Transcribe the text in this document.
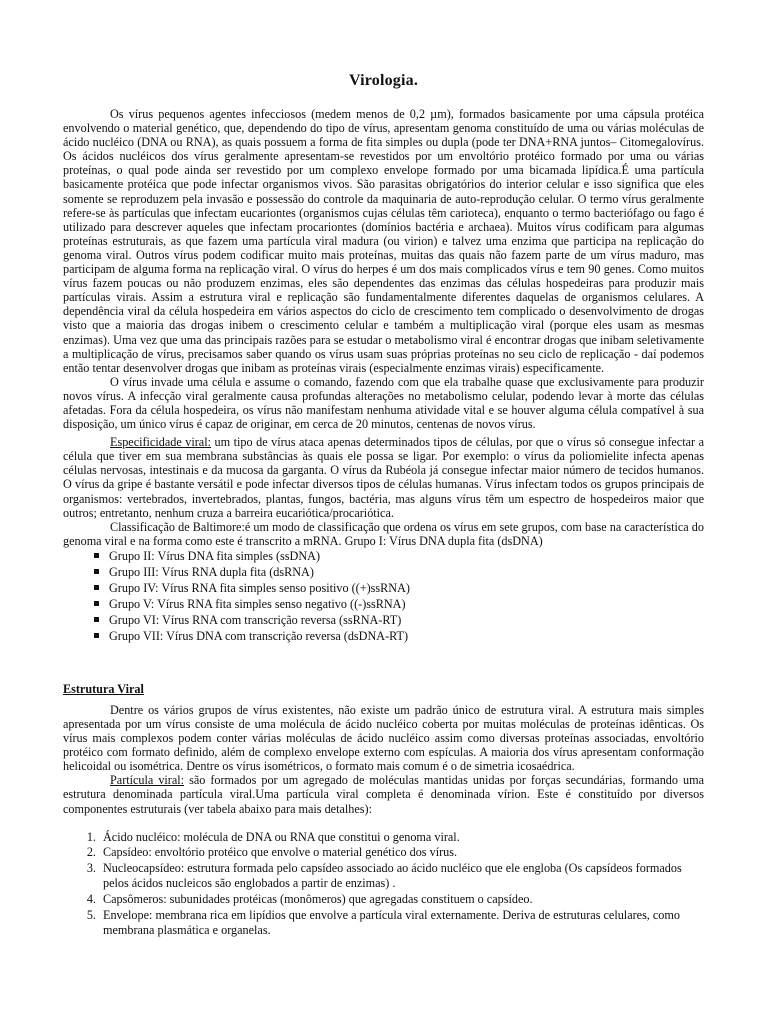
Virologia.

Os vírus pequenos agentes infecciosos (medem menos de 0,2 µm), formados basicamente por uma cápsula protéica envolvendo o material genético, que, dependendo do tipo de vírus, apresentam genoma constituído de uma ou várias moléculas de ácido nucléico (DNA ou RNA), as quais possuem a forma de fita simples ou dupla (pode ter DNA+RNA juntos– Citomegalovírus. Os ácidos nucléicos dos vírus geralmente apresentam-se revestidos por um envoltório protéico formado por uma ou várias proteínas, o qual pode ainda ser revestido por um complexo envelope formado por uma bicamada lipídica.É uma partícula basicamente protéica que pode infectar organismos vivos. São parasitas obrigatórios do interior celular e isso significa que eles somente se reproduzem pela invasão e possessão do controle da maquinaria de auto-reprodução celular. O termo vírus geralmente refere-se às partículas que infectam eucariontes (organismos cujas células têm carioteca), enquanto o termo bacteriófago ou fago é utilizado para descrever aqueles que infectam procariontes (domínios bactéria e archaea). Muitos vírus codificam para algumas proteínas estruturais, as que fazem uma partícula viral madura (ou virion) e talvez uma enzima que participa na replicação do genoma viral. Outros vírus podem codificar muito mais proteínas, muitas das quais não fazem parte de um vírus maduro, mas participam de alguma forma na replicação viral. O vírus do herpes é um dos mais complicados vírus e tem 90 genes. Como muitos vírus fazem poucas ou não produzem enzimas, eles são dependentes das enzimas das células hospedeiras para produzir mais partículas virais. Assim a estrutura viral e replicação são fundamentalmente diferentes daquelas de organismos celulares. A dependência viral da célula hospedeira em vários aspectos do ciclo de crescimento tem complicado o desenvolvimento de drogas visto que a maioria das drogas inibem o crescimento celular e também a multiplicação viral (porque eles usam as mesmas enzimas). Uma vez que uma das principais razões para se estudar o metabolismo viral é encontrar drogas que inibam seletivamente a multiplicação de vírus, precisamos saber quando os vírus usam suas próprias proteínas no seu ciclo de replicação - daí podemos então tentar desenvolver drogas que inibam as proteínas virais (especialmente enzimas virais) especificamente.

O vírus invade uma célula e assume o comando, fazendo com que ela trabalhe quase que exclusivamente para produzir novos vírus. A infecção viral geralmente causa profundas alterações no metabolismo celular, podendo levar à morte das células afetadas. Fora da célula hospedeira, os vírus não manifestam nenhuma atividade vital e se houver alguma célula compatível à sua disposição, um único vírus é capaz de originar, em cerca de 20 minutos, centenas de novos vírus.

Especificidade viral: um tipo de vírus ataca apenas determinados tipos de células, por que o vírus só consegue infectar a célula que tiver em sua membrana substâncias às quais ele possa se ligar. Por exemplo: o vírus da poliomielite infecta apenas células nervosas, intestinais e da mucosa da garganta. O vírus da Rubéola já consegue infectar maior número de tecidos humanos. O vírus da gripe é bastante versátil e pode infectar diversos tipos de células humanas. Vírus infectam todos os grupos principais de organismos: vertebrados, invertebrados, plantas, fungos, bactéria, mas alguns vírus têm um espectro de hospedeiros maior que outros; entretanto, nenhum cruza a barreira eucariótica/procariótica.

Classificação de Baltimore:é um modo de classificação que ordena os vírus em sete grupos, com base na característica do genoma viral e na forma como este é transcrito a mRNA. Grupo I: Vírus DNA dupla fita (dsDNA)

Grupo II: Vírus DNA fita simples (ssDNA)
Grupo III: Vírus RNA dupla fita (dsRNA)
Grupo IV: Vírus RNA fita simples senso positivo ((+)ssRNA)
Grupo V: Vírus RNA fita simples senso negativo ((-)ssRNA)
Grupo VI: Vírus RNA com transcrição reversa (ssRNA-RT)
Grupo VII: Vírus DNA com transcrição reversa (dsDNA-RT)
Estrutura Viral

Dentre os vários grupos de vírus existentes, não existe um padrão único de estrutura viral. A estrutura mais simples apresentada por um vírus consiste de uma molécula de ácido nucléico coberta por muitas moléculas de proteínas idênticas. Os vírus mais complexos podem conter várias moléculas de ácido nucléico assim como diversas proteínas associadas, envoltório protéico com formato definido, além de complexo envelope externo com espículas. A maioria dos vírus apresentam conformação helicoidal ou isométrica. Dentre os vírus isométricos, o formato mais comum é o de simetria icosaédrica.

Partícula viral: são formados por um agregado de moléculas mantidas unidas por forças secundárias, formando uma estrutura denominada partícula viral.Uma partícula viral completa é denominada vírion. Este é constituído por diversos componentes estruturais (ver tabela abaixo para mais detalhes):

1. Ácido nucléico: molécula de DNA ou RNA que constitui o genoma viral.
2. Capsídeo: envoltório protéico que envolve o material genético dos vírus.
3. Nucleocapsídeo: estrutura formada pelo capsídeo associado ao ácido nucléico que ele engloba (Os capsídeos formados pelos ácidos nucleicos são englobados a partir de enzimas) .
4. Capsômeros: subunidades protéicas (monômeros) que agregadas constituem o capsídeo.
5. Envelope: membrana rica em lipídios que envolve a partícula viral externamente. Deriva de estruturas celulares, como membrana plasmática e organelas.
